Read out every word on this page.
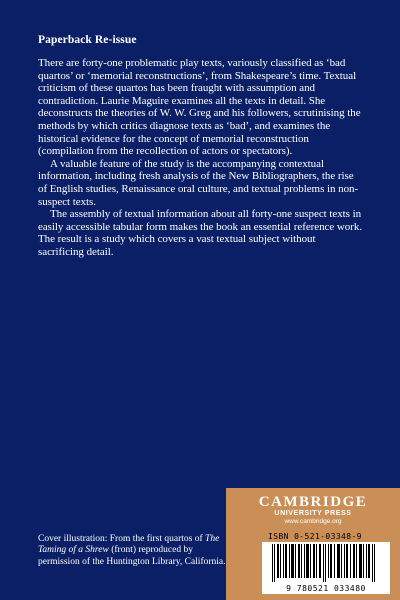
Paperback Re-issue

There are forty-one problematic play texts, variously classified as ‘bad quartos’ or ‘memorial reconstructions’, from Shakespeare’s time. Textual criticism of these quartos has been fraught with assumption and contradiction. Laurie Maguire examines all the texts in detail. She deconstructs the theories of W. W. Greg and his followers, scrutinising the methods by which critics diagnose texts as ‘bad’, and examines the historical evidence for the concept of memorial reconstruction (compilation from the recollection of actors or spectators).

A valuable feature of the study is the accompanying contextual information, including fresh analysis of the New Bibliographers, the rise of English studies, Renaissance oral culture, and textual problems in non-suspect texts.

The assembly of textual information about all forty-one suspect texts in easily accessible tabular form makes the book an essential reference work. The result is a study which covers a vast textual subject without sacrificing detail.

Cover illustration: From the first quartos of The Taming of a Shrew (front) reproduced by permission of the Huntington Library, California.
CAMBRIDGE
UNIVERSITY PRESS
www.cambridge.org
ISBN 0-521-03348-9
9 780521 033480
